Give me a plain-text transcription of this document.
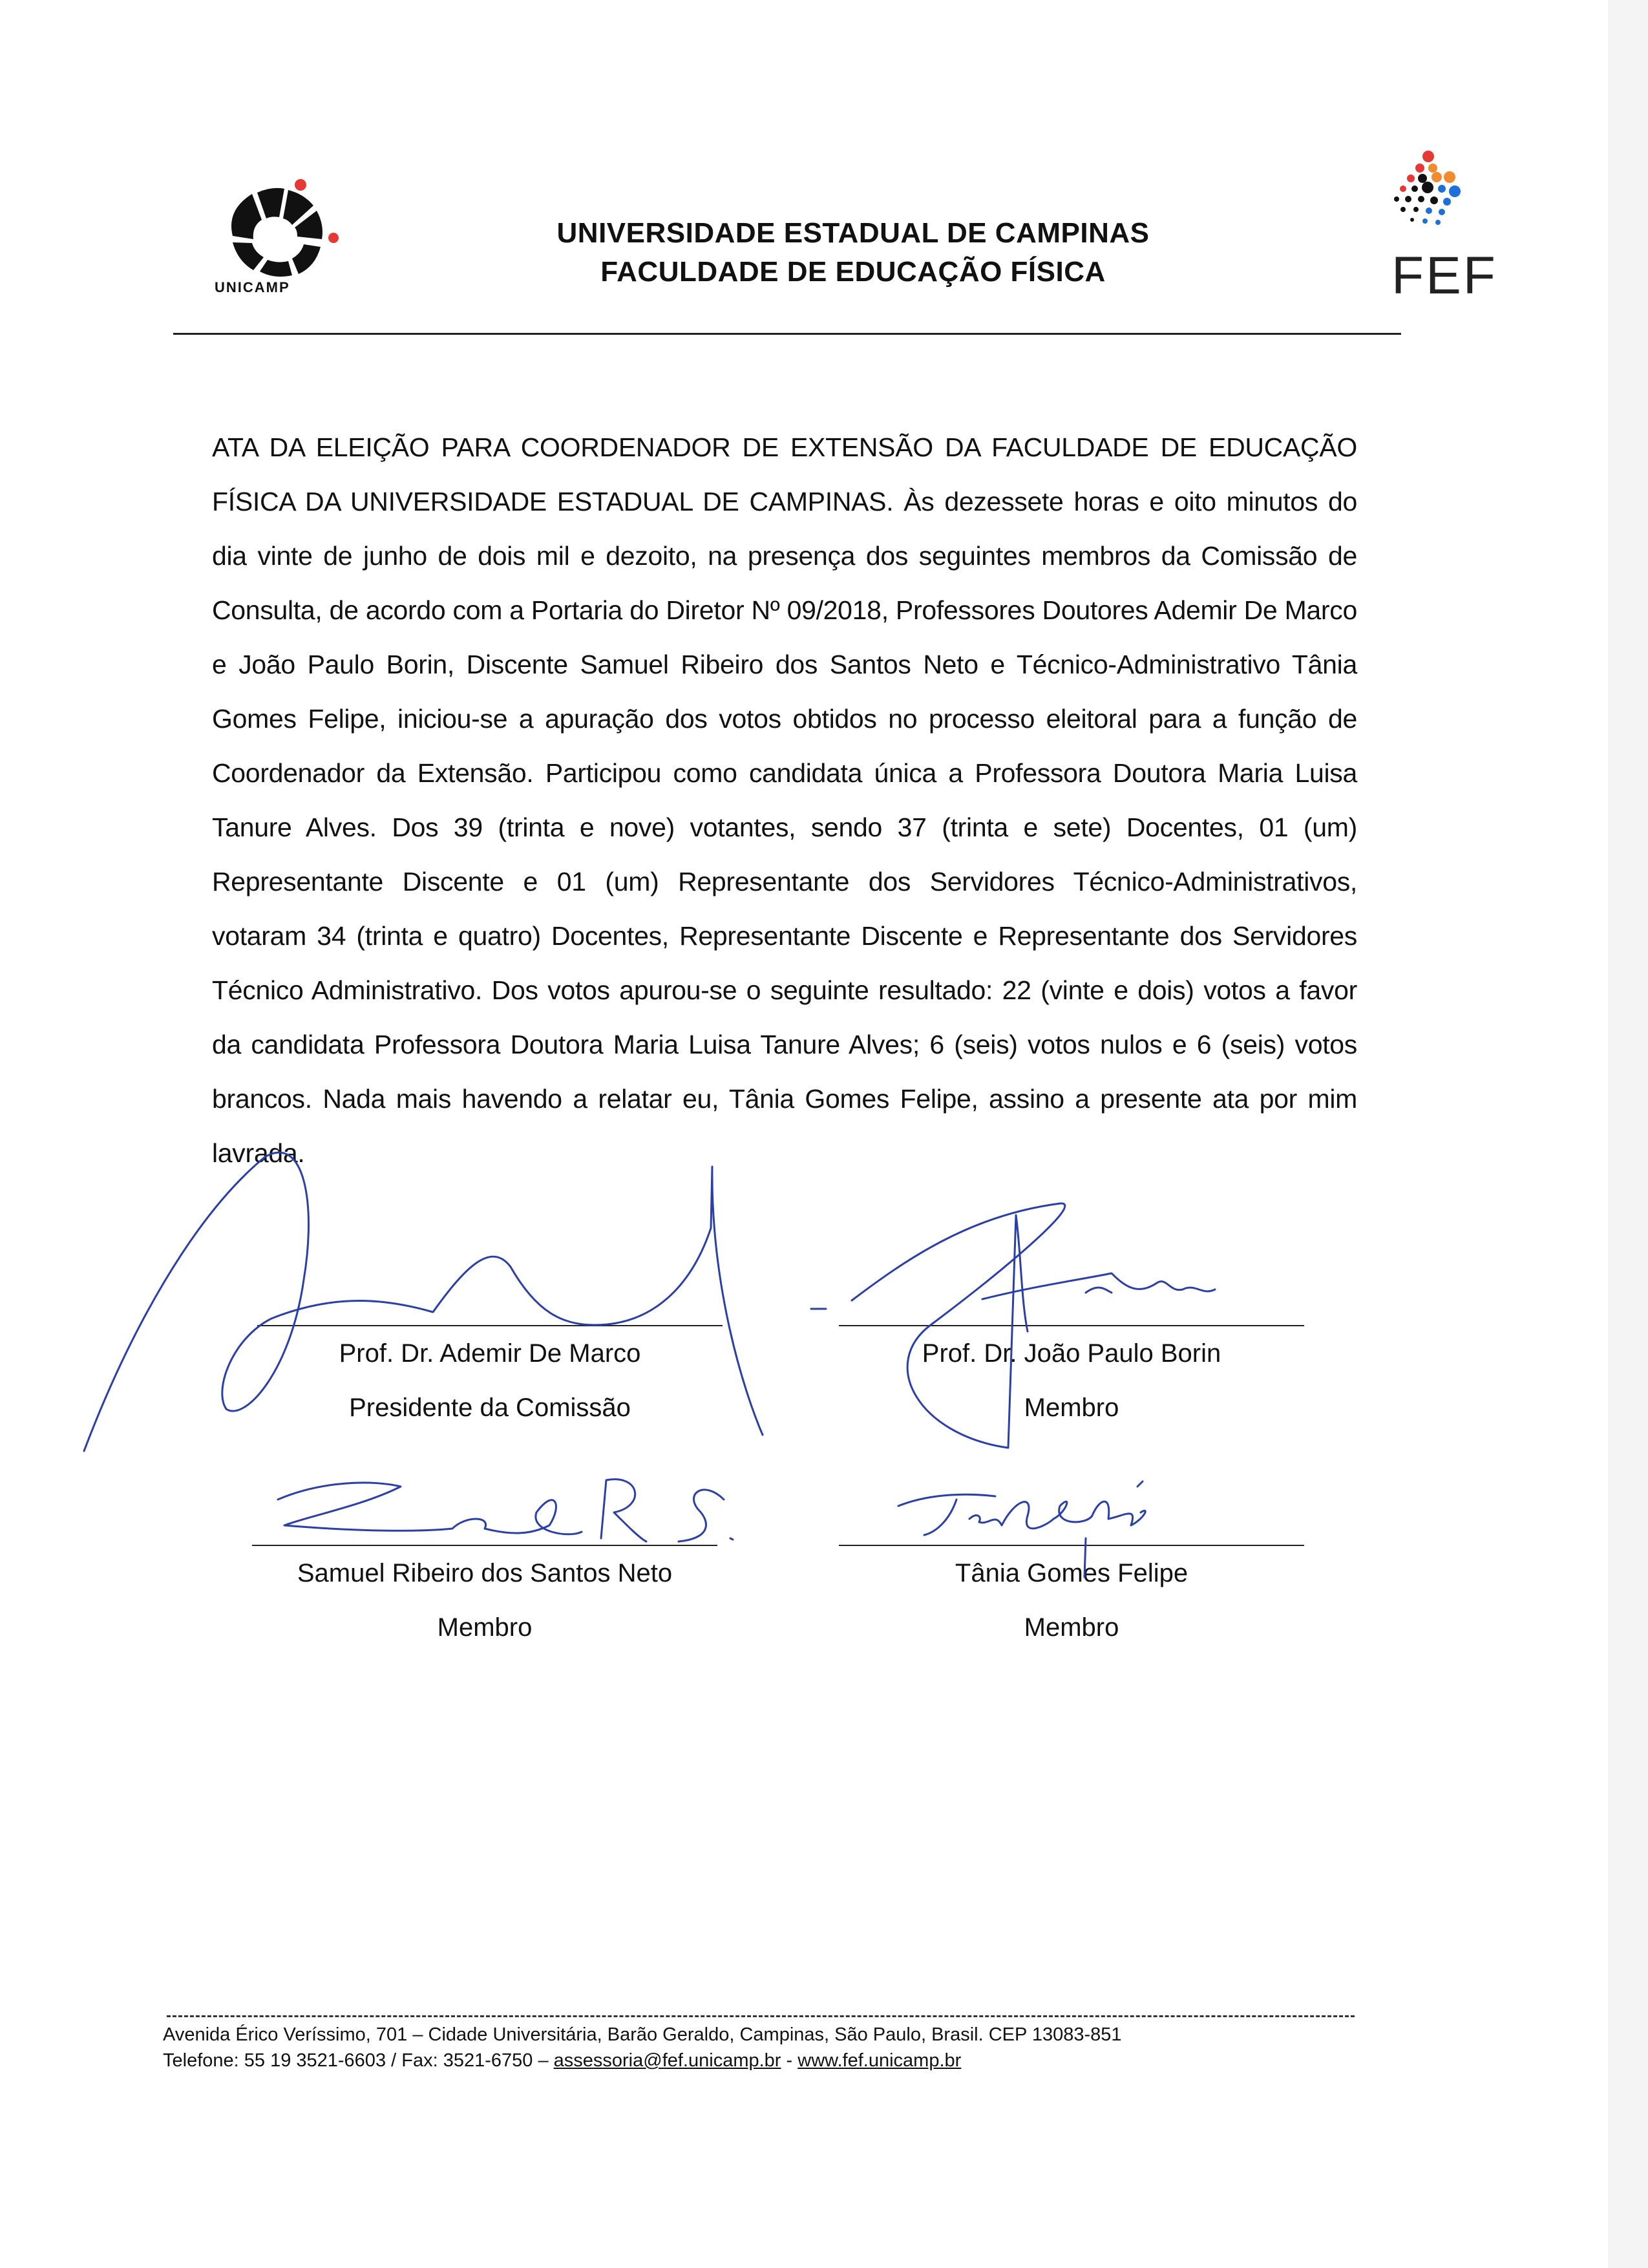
UNICAMP
UNIVERSIDADE ESTADUAL DE CAMPINAS
FACULDADE DE EDUCAÇÃO FÍSICA	FEF

ATA DA ELEIÇÃO PARA COORDENADOR DE EXTENSÃO DA FACULDADE DE EDUCAÇÃO FÍSICA DA UNIVERSIDADE ESTADUAL DE CAMPINAS. Às dezessete horas e oito minutos do dia vinte de junho de dois mil e dezoito, na presença dos seguintes membros da Comissão de Consulta, de acordo com a Portaria do Diretor Nº 09/2018, Professores Doutores Ademir De Marco e João Paulo Borin, Discente Samuel Ribeiro dos Santos Neto e Técnico-Administrativo Tânia Gomes Felipe, iniciou-se a apuração dos votos obtidos no processo eleitoral para a função de Coordenador da Extensão. Participou como candidata única a Professora Doutora Maria Luisa Tanure Alves. Dos 39 (trinta e nove) votantes, sendo 37 (trinta e sete) Docentes, 01 (um) Representante Discente e 01 (um) Representante dos Servidores Técnico-Administrativos, votaram 34 (trinta e quatro) Docentes, Representante Discente e Representante dos Servidores Técnico Administrativo. Dos votos apurou-se o seguinte resultado: 22 (vinte e dois) votos a favor da candidata Professora Doutora Maria Luisa Tanure Alves; 6 (seis) votos nulos e 6 (seis) votos brancos. Nada mais havendo a relatar eu, Tânia Gomes Felipe, assino a presente ata por mim lavrada.

Prof. Dr. Ademir De Marco
Presidente da Comissão
Prof. Dr. João Paulo Borin
Membro
Samuel Ribeiro dos Santos Neto
Membro
Tânia Gomes Felipe
Membro
Avenida Érico Veríssimo, 701 – Cidade Universitária, Barão Geraldo, Campinas, São Paulo, Brasil. CEP 13083-851
Telefone: 55 19 3521-6603 / Fax: 3521-6750 – assessoria@fef.unicamp.br - www.fef.unicamp.br
